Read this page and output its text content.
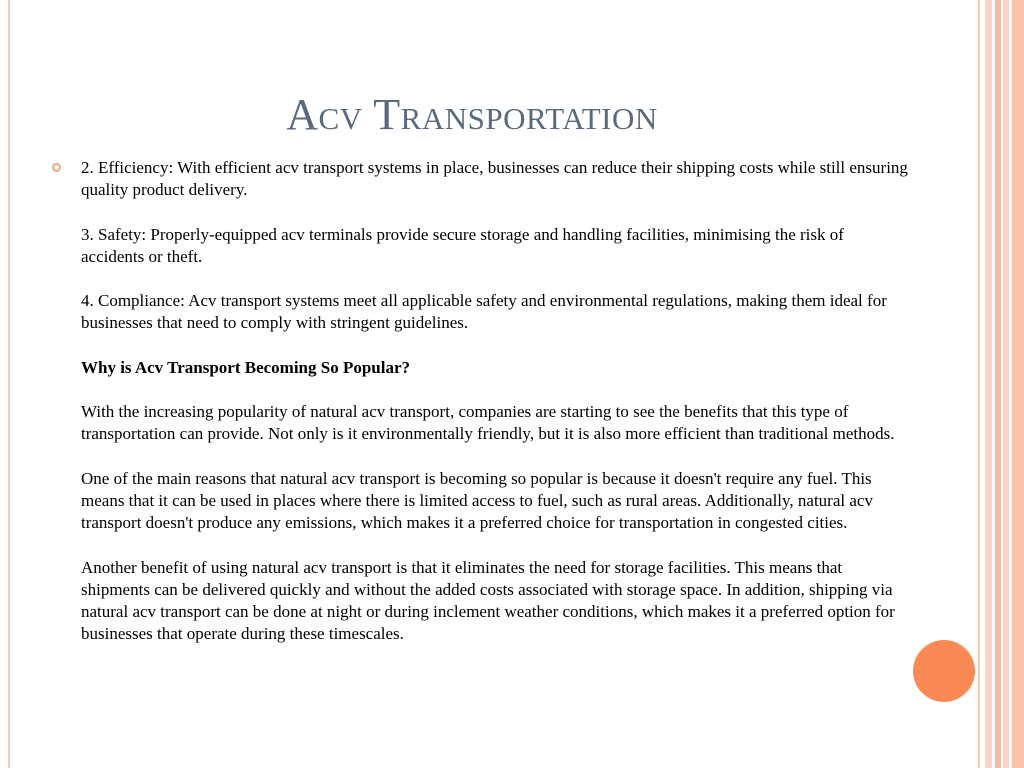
Acv Transportation

2. Efficiency: With efficient acv transport systems in place, businesses can reduce their shipping costs while still ensuring quality product delivery.

3. Safety: Properly-equipped acv terminals provide secure storage and handling facilities, minimising the risk of accidents or theft.

4. Compliance: Acv transport systems meet all applicable safety and environmental regulations, making them ideal for businesses that need to comply with stringent guidelines.

Why is Acv Transport Becoming So Popular?

With the increasing popularity of natural acv transport, companies are starting to see the benefits that this type of transportation can provide. Not only is it environmentally friendly, but it is also more efficient than traditional methods.

One of the main reasons that natural acv transport is becoming so popular is because it doesn't require any fuel. This means that it can be used in places where there is limited access to fuel, such as rural areas. Additionally, natural acv transport doesn't produce any emissions, which makes it a preferred choice for transportation in congested cities.

Another benefit of using natural acv transport is that it eliminates the need for storage facilities. This means that shipments can be delivered quickly and without the added costs associated with storage space. In addition, shipping via natural acv transport can be done at night or during inclement weather conditions, which makes it a preferred option for businesses that operate during these timescales.
